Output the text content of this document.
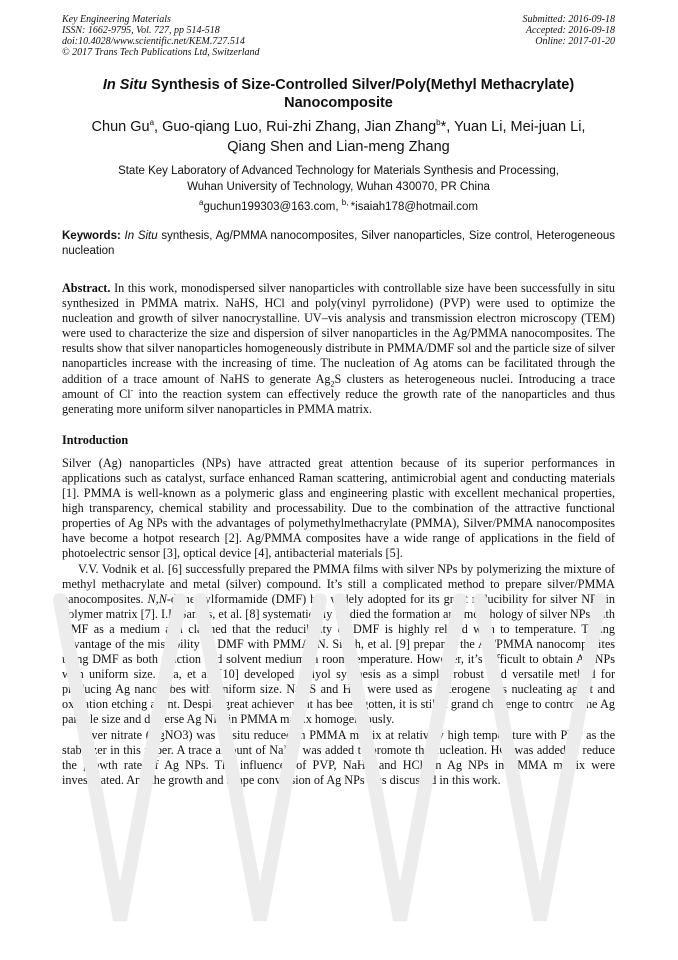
Key Engineering Materials
ISSN: 1662-9795, Vol. 727, pp 514-518
doi:10.4028/www.scientific.net/KEM.727.514
© 2017 Trans Tech Publications Ltd, Switzerland
Submitted: 2016-09-18
Accepted: 2016-09-18
Online: 2017-01-20
In Situ Synthesis of Size-Controlled Silver/Poly(Methyl Methacrylate)
Nanocomposite
Chun Gu$^a$, Guo-qiang Luo, Rui-zhi Zhang, Jian Zhang$^b$*, Yuan Li, Mei-juan Li,
Qiang Shen and Lian-meng Zhang
State Key Laboratory of Advanced Technology for Materials Synthesis and Processing,
Wuhan University of Technology, Wuhan 430070, PR China
$^a$guchun199303@163.com, $^{b,}$ *isaiah178@hotmail.com
Keywords: In Situ synthesis, Ag/PMMA nanocomposites, Silver nanoparticles, Size control, Heterogeneous nucleation
Abstract. In this work, monodispersed silver nanoparticles with controllable size have been successfully in situ synthesized in PMMA matrix. NaHS, HCl and poly(vinyl pyrrolidone) (PVP) were used to optimize the nucleation and growth of silver nanocrystalline. UV–vis analysis and transmission electron microscopy (TEM) were used to characterize the size and dispersion of silver nanoparticles in the Ag/PMMA nanocomposites. The results show that silver nanoparticles homogeneously distribute in PMMA/DMF sol and the particle size of silver nanoparticles increase with the increasing of time. The nucleation of Ag atoms can be facilitated through the addition of a trace amount of NaHS to generate $Ag_2S$ clusters as heterogeneous nuclei. Introducing a trace amount of Cl- into the reaction system can effectively reduce the growth rate of the nanoparticles and thus generating more uniform silver nanoparticles in PMMA matrix.
Introduction
Silver (Ag) nanoparticles (NPs) have attracted great attention because of its superior performances in applications such as catalyst, surface enhanced Raman scattering, antimicrobial agent and conducting materials [1]. PMMA is well-known as a polymeric glass and engineering plastic with excellent mechanical properties, high transparency, chemical stability and processability. Due to the combination of the attractive functional properties of Ag NPs with the advantages of polymethylmethacrylate (PMMA), Silver/PMMA nanocomposites have become a hotpot research [2]. Ag/PMMA composites have a wide range of applications in the field of photoelectric sensor [3], optical device [4], antibacterial materials [5].
V.V. Vodnik et al. [6] successfully prepared the PMMA films with silver NPs by polymerizing the mixture of methyl methacrylate and metal (silver) compound. It’s still a complicated method to prepare silver/PMMA nanocomposites. N,N-dimethylformamide (DMF) has widely adopted for its great reducibility for silver NPs in polymer matrix [7]. I.P. Santos, et al. [8] systematically studied the formation and morphology of silver NPs with DMF as a medium and claimed that the reducibility of DMF is highly related with to temperature. Taking advantage of the miscibility of DMF with PMMA, N. Singh, et al. [9] prepared the Ag/PMMA nanocomposites using DMF as both reaction and solvent medium in room temperature. However, it’s difficult to obtain Ag NPs with uniform size. Xia, et al. [10] developed polyol synthesis as a simple, robust and versatile method for producing Ag nanocubes with uniform size. NaHS and HCl were used as heterogeneous nucleating agent and oxidation etching agent. Despite great achievement has been gotten, it is still a grand challenge to control the Ag particle size and disperse Ag NPs in PMMA matrix homogeneously.
Silver nitrate (AgNO3) was in situ reduced in PMMA matrix at relatively high temperature with PVP as the stabilizer in this paper. A trace amount of NaHS was added to promote the nucleation. HCl was added to reduce the growth rate of Ag NPs. The influences of PVP, NaHS and HCl on Ag NPs in PMMA matrix were investigated. And the growth and shape conversion of Ag NPs was discussed in this work.
